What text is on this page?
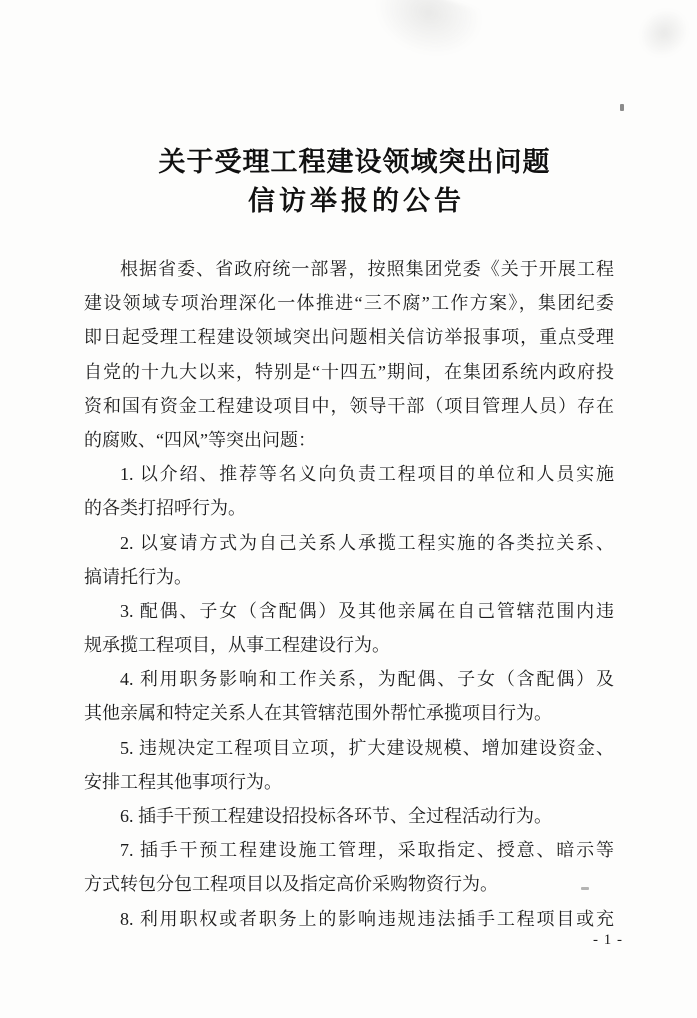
关于受理工程建设领域突出问题
信访举报的公告
根据省委、省政府统一部署，按照集团党委《关于开展工程
建设领域专项治理深化一体推进“三不腐”工作方案》，集团纪委
即日起受理工程建设领域突出问题相关信访举报事项，重点受理
自党的十九大以来，特别是“十四五”期间，在集团系统内政府投
资和国有资金工程建设项目中，领导干部（项目管理人员）存在
的腐败、“四风”等突出问题：
1. 以介绍、推荐等名义向负责工程项目的单位和人员实施
的各类打招呼行为。
2. 以宴请方式为自己关系人承揽工程实施的各类拉关系、
搞请托行为。
3. 配偶、子女（含配偶）及其他亲属在自己管辖范围内违
规承揽工程项目，从事工程建设行为。
4. 利用职务影响和工作关系，为配偶、子女（含配偶）及
其他亲属和特定关系人在其管辖范围外帮忙承揽项目行为。
5. 违规决定工程项目立项，扩大建设规模、增加建设资金、
安排工程其他事项行为。
6. 插手干预工程建设招投标各环节、全过程活动行为。
7. 插手干预工程建设施工管理，采取指定、授意、暗示等
方式转包分包工程项目以及指定高价采购物资行为。
8. 利用职权或者职务上的影响违规违法插手工程项目或充
- 1 -
